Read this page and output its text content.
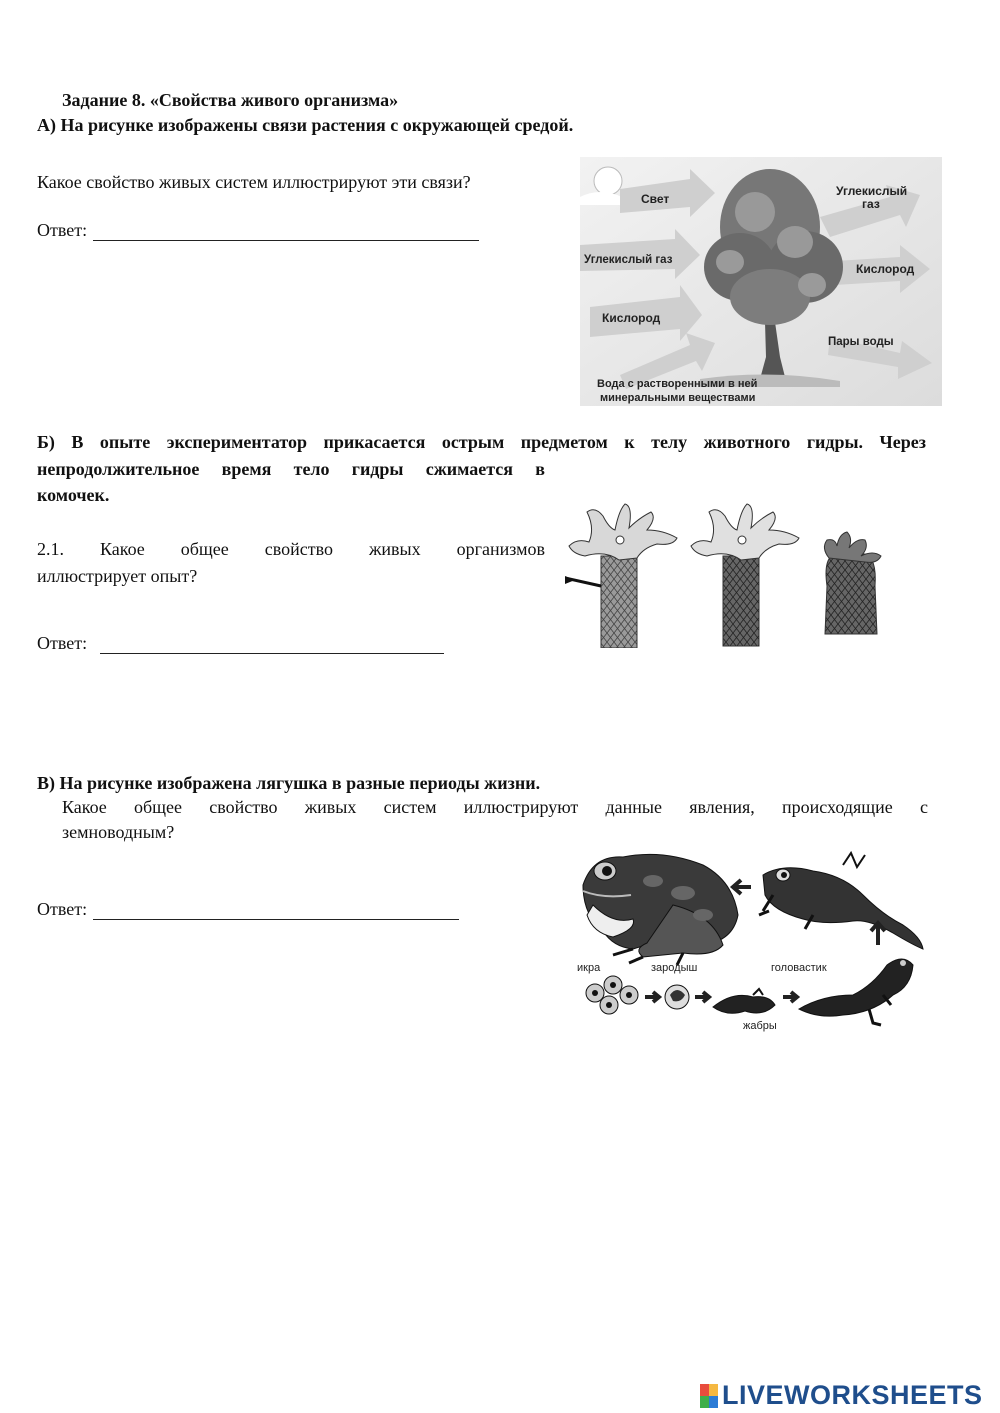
Задание 8. «Свойства живого организма»
А) На рисунке изображены связи растения с окружающей средой.
Какое свойство живых систем иллюстрируют эти связи?
Ответ:
Свет
Углекислый газ
Кислород
Углекислый
газ
Кислород
Пары воды
Вода с растворенными в ней
минеральными веществами
Б) В опыте экспериментатор прикасается острым предметом к телу животного гидры. Через
непродолжительное время тело гидры сжимается в
комочек.
2.1. Какое общее свойство живых организмов
иллюстрирует опыт?
Ответ:
В) На рисунке изображена лягушка в разные периоды жизни.
Какое общее свойство живых систем иллюстрируют данные явления, происходящие с
земноводным?
Ответ:
икра	зародыш	головастик
жабры
LIVEWORKSHEETS
